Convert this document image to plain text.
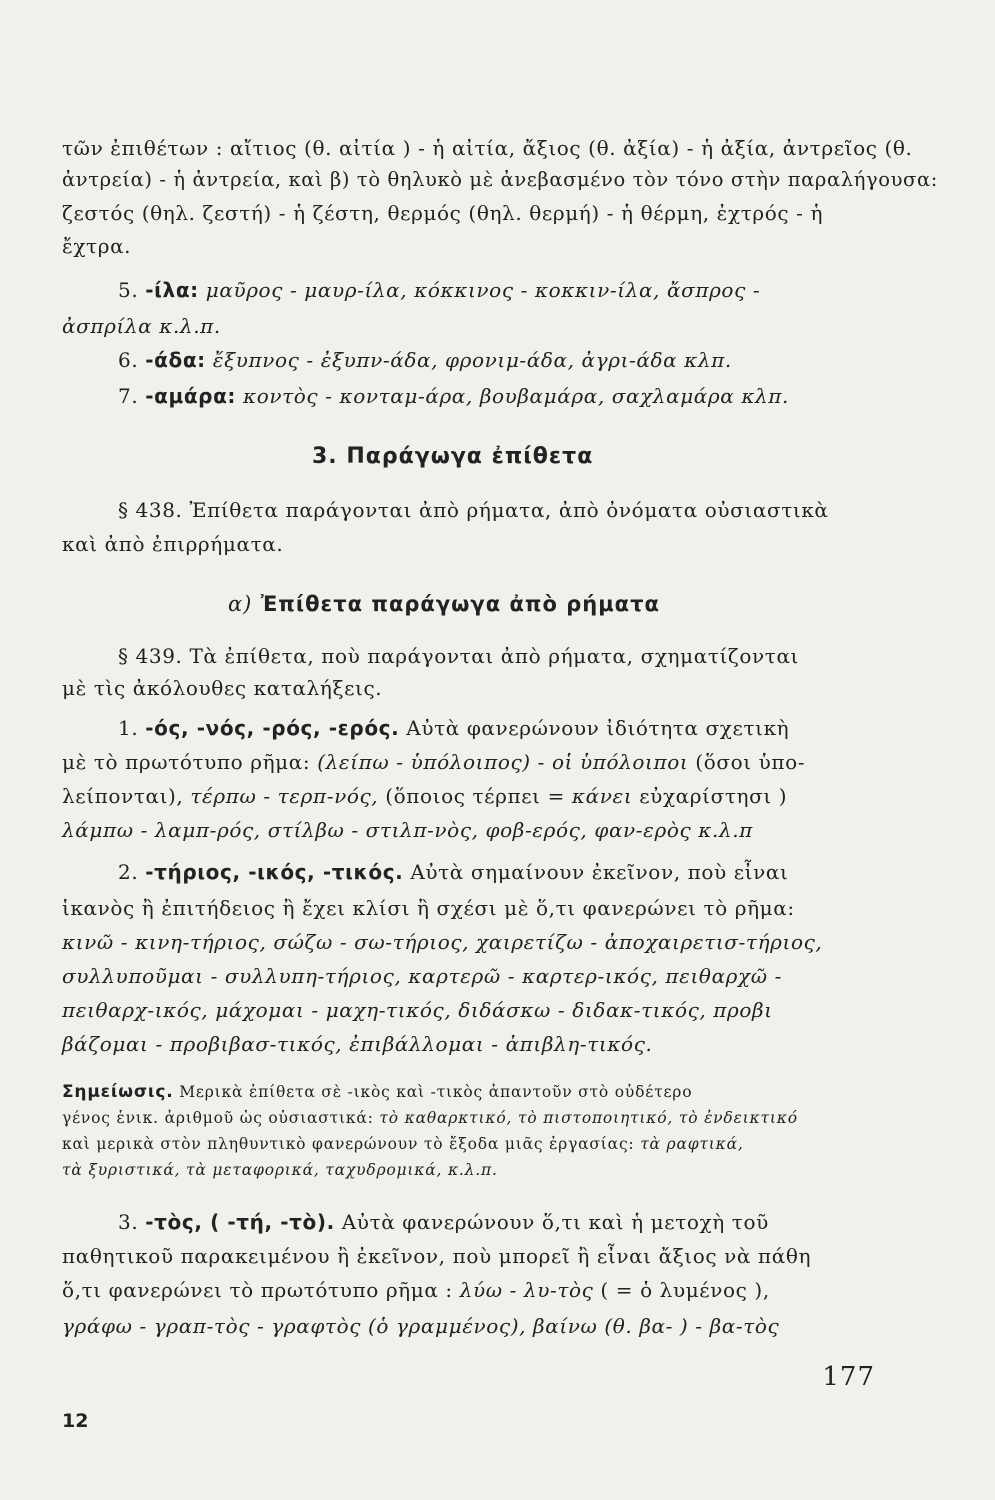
τῶν ἐπιθέτων : αἴτιος (θ. αἰτία ) - ἡ αἰτία, ἄξιος (θ. ἀξία) - ἡ ἀξία, ἀντρεῖος (θ.
ἀντρεία) - ἡ ἀντρεία, καὶ β) τὸ θηλυκὸ μὲ ἀνεβασμένο τὸν τόνο στὴν παραλήγουσα:
ζεστός (θηλ. ζεστή) - ἡ ζέστη, θερμός (θηλ. θερμή) - ἡ θέρμη, ἐχτρός - ἡ
ἔχτρα.
5. -ίλα: μαῦρος - μαυρ-ίλα, κόκκινος - κοκκιν-ίλα, ἄσπρος -
ἀσπρίλα κ.λ.π.
6. -άδα: ἔξυπνος - ἐξυπν-άδα, φρονιμ-άδα, ἀγρι-άδα κλπ.
7. -αμάρα: κοντὸς - κονταμ-άρα, βουβαμάρα, σαχλαμάρα κλπ.
3. Παράγωγα ἐπίθετα
§ 438. Ἐπίθετα παράγονται ἀπὸ ρήματα, ἀπὸ ὀνόματα οὐσιαστικὰ
καὶ ἀπὸ ἐπιρρήματα.
α) Ἐπίθετα παράγωγα ἀπὸ ρήματα
§ 439. Τὰ ἐπίθετα, ποὺ παράγονται ἀπὸ ρήματα, σχηματίζονται
μὲ τὶς ἀκόλουθες καταλήξεις.
1. -ός, -νός, -ρός, -ερός. Αὐτὰ φανερώνουν ἰδιότητα σχετικὴ
μὲ τὸ πρωτότυπο ρῆμα: (λείπω - ὑπόλοιπος) - οἱ ὑπόλοιποι (ὅσοι ὑπο-
λείπονται), τέρπω - τερπ-νός, (ὅποιος τέρπει = κάνει εὐχαρίστησι )
λάμπω - λαμπ-ρός, στίλβω - στιλπ-νὸς, φοβ-ερός, φαν-ερὸς κ.λ.π
2. -τήριος, -ικός, -τικός. Αὐτὰ σημαίνουν ἐκεῖνον, ποὺ εἶναι
ἱκανὸς ἢ ἐπιτήδειος ἢ ἔχει κλίσι ἢ σχέσι μὲ ὅ,τι φανερώνει τὸ ρῆμα:
κινῶ - κινη-τήριος, σώζω - σω-τήριος, χαιρετίζω - ἀποχαιρετισ-τήριος,
συλλυποῦμαι - συλλυπη-τήριος, καρτερῶ - καρτερ-ικός, πειθαρχῶ -
πειθαρχ-ικός, μάχομαι - μαχη-τικός, διδάσκω - διδακ-τικός, προβι
βάζομαι - προβιβασ-τικός, ἐπιβάλλομαι - ἀπιβλη-τικός.
Σημείωσις. Μερικὰ ἐπίθετα σὲ -ικὸς καὶ -τικὸς ἀπαντοῦν στὸ οὐδέτερο
γένος ἑνικ. ἀριθμοῦ ὡς οὐσιαστικά: τὸ καθαρκτικό, τὸ πιστοποιητικό, τὸ ἐνδεικτικό
καὶ μερικὰ στὸν πληθυντικὸ φανερώνουν τὸ ἔξοδα μιᾶς ἐργασίας: τὰ ραφτικά,
τὰ ξυριστικά, τὰ μεταφορικά, ταχυδρομικά, κ.λ.π.
3. -τὸς, ( -τή, -τὸ). Αὐτὰ φανερώνουν ὅ,τι καὶ ἡ μετοχὴ τοῦ
παθητικοῦ παρακειμένου ἢ ἐκεῖνον, ποὺ μπορεῖ ἢ εἶναι ἄξιος νὰ πάθη
ὅ,τι φανερώνει τὸ πρωτότυπο ρῆμα : λύω - λυ-τὸς ( = ὁ λυμένος ),
γράφω - γραπ-τὸς - γραφτὸς (ὁ γραμμένος), βαίνω (θ. βα- ) - βα-τὸς
177
12
